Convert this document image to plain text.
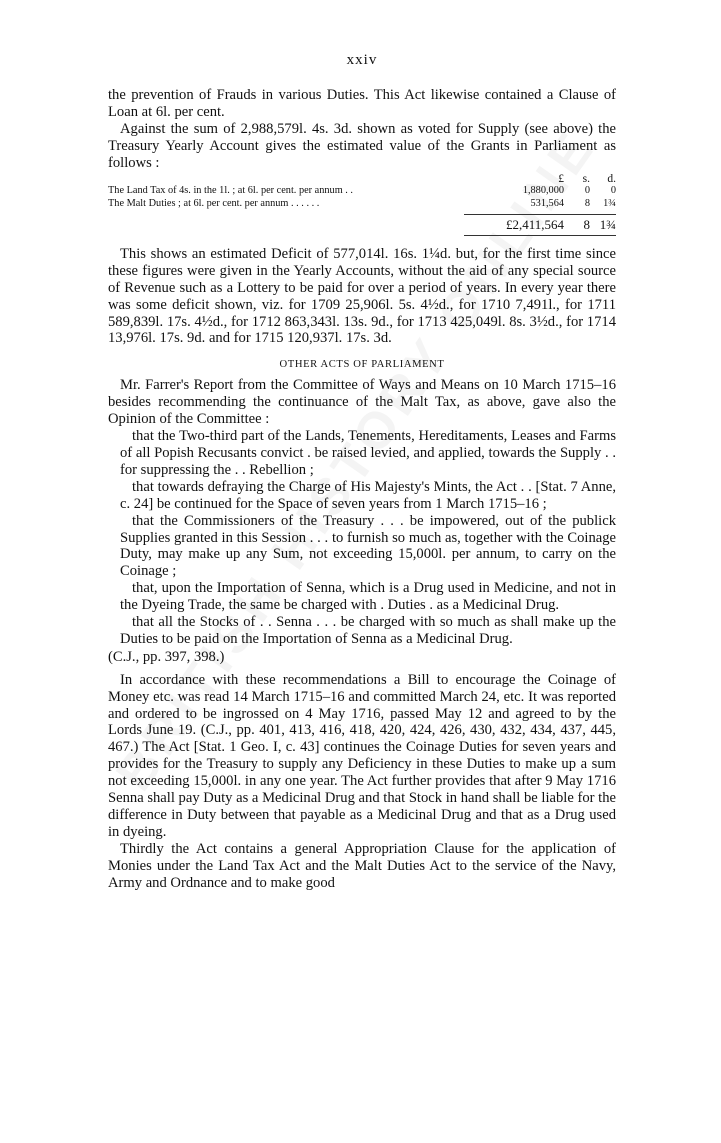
xxiv

the prevention of Frauds in various Duties. This Act likewise contained a Clause of Loan at 6l. per cent.

Against the sum of 2,988,579l. 4s. 3d. shown as voted for Supply (see above) the Treasury Yearly Account gives the estimated value of the Grants in Parliament as follows :

£	s.	d.
The Land Tax of 4s. in the 1l. ; at 6l. per cent. per annum . .	1,880,000	0	0
The Malt Duties ; at 6l. per cent. per annum . . . . . .	531,564	8	1¾
£2,411,564	8 1¾

This shows an estimated Deficit of 577,014l. 16s. 1¼d. but, for the first time since these figures were given in the Yearly Accounts, without the aid of any special source of Revenue such as a Lottery to be paid for over a period of years. In every year there was some deficit shown, viz. for 1709 25,906l. 5s. 4½d., for 1710 7,491l., for 1711 589,839l. 17s. 4½d., for 1712 863,343l. 13s. 9d., for 1713 425,049l. 8s. 3½d., for 1714 13,976l. 17s. 9d. and for 1715 120,937l. 17s. 3d.

OTHER ACTS OF PARLIAMENT

Mr. Farrer's Report from the Committee of Ways and Means on 10 March 1715–16 besides recommending the continuance of the Malt Tax, as above, gave also the Opinion of the Committee :

that the Two-third part of the Lands, Tenements, Hereditaments, Leases and Farms of all Popish Recusants convict . be raised levied, and applied, towards the Supply . . for suppressing the . . Rebellion ;

that towards defraying the Charge of His Majesty's Mints, the Act . . [Stat. 7 Anne, c. 24] be continued for the Space of seven years from 1 March 1715–16 ;

that the Commissioners of the Treasury . . . be impowered, out of the publick Supplies granted in this Session . . . to furnish so much as, together with the Coinage Duty, may make up any Sum, not exceeding 15,000l. per annum, to carry on the Coinage ;

that, upon the Importation of Senna, which is a Drug used in Medicine, and not in the Dyeing Trade, the same be charged with . Duties . as a Medicinal Drug.

that all the Stocks of . . Senna . . . be charged with so much as shall make up the Duties to be paid on the Importation of Senna as a Medicinal Drug.

(C.J., pp. 397, 398.)

In accordance with these recommendations a Bill to encourage the Coinage of Money etc. was read 14 March 1715–16 and committed March 24, etc. It was reported and ordered to be ingrossed on 4 May 1716, passed May 12 and agreed to by the Lords June 19. (C.J., pp. 401, 413, 416, 418, 420, 424, 426, 430, 432, 434, 437, 445, 467.) The Act [Stat. 1 Geo. I, c. 43] continues the Coinage Duties for seven years and provides for the Treasury to supply any Deficiency in these Duties to make up a sum not exceeding 15,000l. in any one year. The Act further provides that after 9 May 1716 Senna shall pay Duty as a Medicinal Drug and that Stock in hand shall be liable for the difference in Duty between that payable as a Medicinal Drug and that as a Drug used in dyeing.

Thirdly the Act contains a general Appropriation Clause for the application of Monies under the Land Tax Act and the Malt Duties Act to the service of the Navy, Army and Ordnance and to make good
